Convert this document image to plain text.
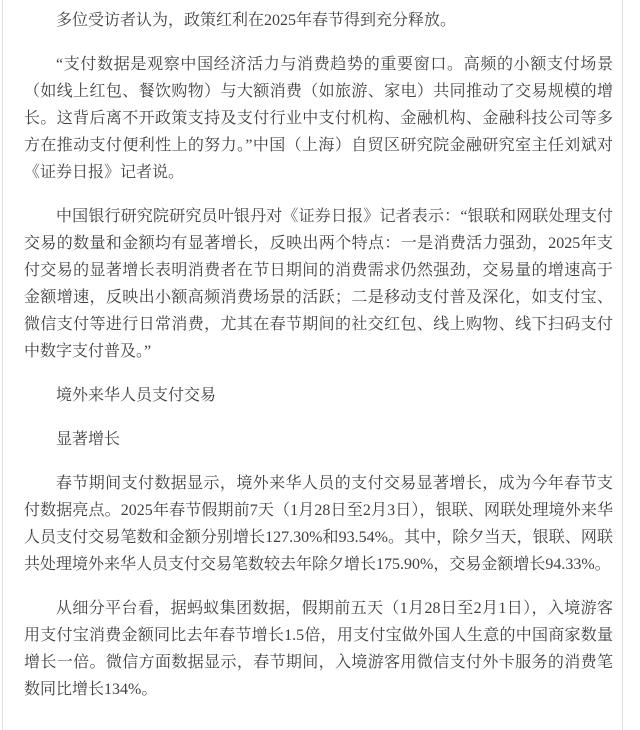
多位受访者认为，政策红利在2025年春节得到充分释放。

“支付数据是观察中国经济活力与消费趋势的重要窗口。高频的小额支付场景（如线上红包、餐饮购物）与大额消费（如旅游、家电）共同推动了交易规模的增长。这背后离不开政策支持及支付行业中支付机构、金融机构、金融科技公司等多方在推动支付便利性上的努力。”中国（上海）自贸区研究院金融研究室主任刘斌对《证券日报》记者说。

中国银行研究院研究员叶银丹对《证券日报》记者表示：“银联和网联处理支付交易的数量和金额均有显著增长，反映出两个特点：一是消费活力强劲，2025年支付交易的显著增长表明消费者在节日期间的消费需求仍然强劲，交易量的增速高于金额增速，反映出小额高频消费场景的活跃；二是移动支付普及深化，如支付宝、微信支付等进行日常消费，尤其在春节期间的社交红包、线上购物、线下扫码支付中数字支付普及。”

境外来华人员支付交易

显著增长

春节期间支付数据显示，境外来华人员的支付交易显著增长，成为今年春节支付数据亮点。2025年春节假期前7天（1月28日至2月3日），银联、网联处理境外来华人员支付交易笔数和金额分别增长127.30%和93.54%。其中，除夕当天，银联、网联共处理境外来华人员支付交易笔数较去年除夕增长175.90%，交易金额增长94.33%。

从细分平台看，据蚂蚁集团数据，假期前五天（1月28日至2月1日），入境游客用支付宝消费金额同比去年春节增长1.5倍，用支付宝做外国人生意的中国商家数量增长一倍。微信方面数据显示，春节期间，入境游客用微信支付外卡服务的消费笔数同比增长134%。
